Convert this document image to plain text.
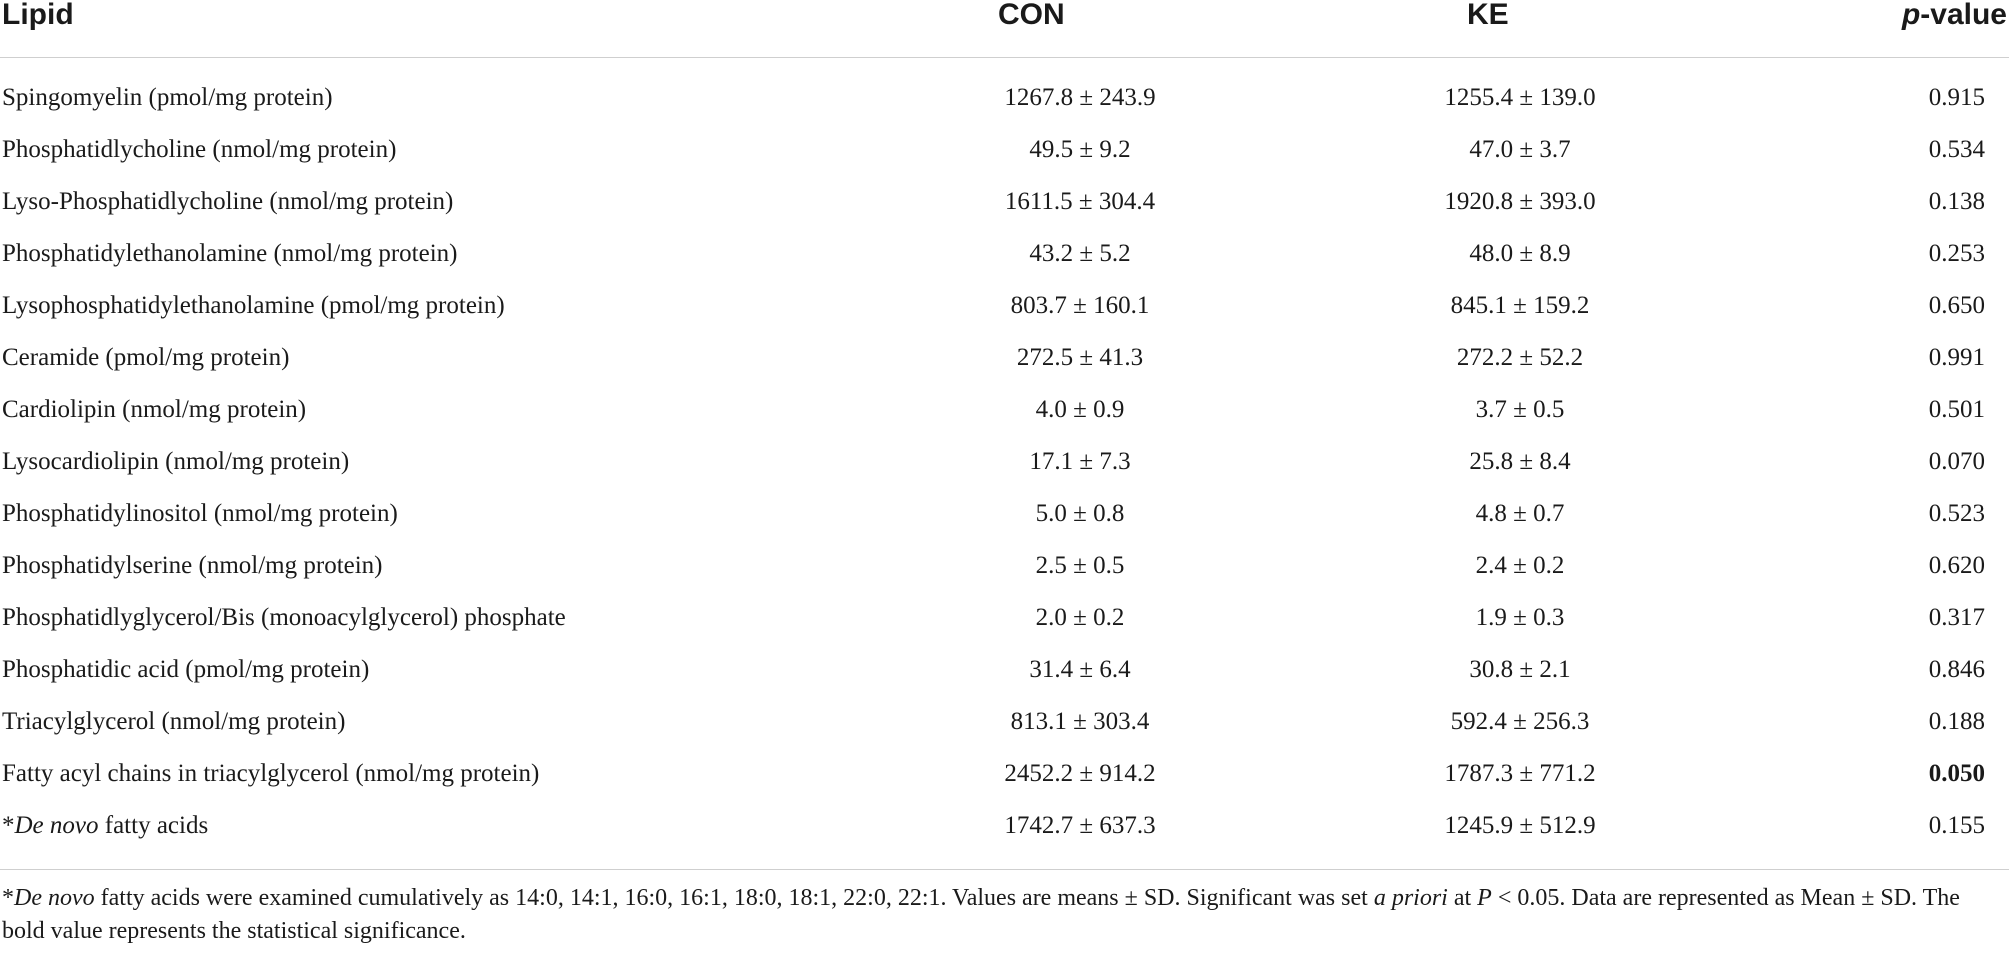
Lipid	CON	KE	p-value

Spingomyelin (pmol/mg protein)	1267.8 ± 243.9	1255.4 ± 139.0	0.915
Phosphatidlycholine (nmol/mg protein)	49.5 ± 9.2	47.0 ± 3.7	0.534
Lyso-Phosphatidlycholine (nmol/mg protein)	1611.5 ± 304.4	1920.8 ± 393.0	0.138
Phosphatidylethanolamine (nmol/mg protein)	43.2 ± 5.2	48.0 ± 8.9	0.253
Lysophosphatidylethanolamine (pmol/mg protein)	803.7 ± 160.1	845.1 ± 159.2	0.650
Ceramide (pmol/mg protein)	272.5 ± 41.3	272.2 ± 52.2	0.991
Cardiolipin (nmol/mg protein)	4.0 ± 0.9	3.7 ± 0.5	0.501
Lysocardiolipin (nmol/mg protein)	17.1 ± 7.3	25.8 ± 8.4	0.070
Phosphatidylinositol (nmol/mg protein)	5.0 ± 0.8	4.8 ± 0.7	0.523
Phosphatidylserine (nmol/mg protein)	2.5 ± 0.5	2.4 ± 0.2	0.620
Phosphatidlyglycerol/Bis (monoacylglycerol) phosphate	2.0 ± 0.2	1.9 ± 0.3	0.317
Phosphatidic acid (pmol/mg protein)	31.4 ± 6.4	30.8 ± 2.1	0.846
Triacylglycerol (nmol/mg protein)	813.1 ± 303.4	592.4 ± 256.3	0.188
Fatty acyl chains in triacylglycerol (nmol/mg protein)	2452.2 ± 914.2	1787.3 ± 771.2	0.050
*De novo fatty acids	1742.7 ± 637.3	1245.9 ± 512.9	0.155
*De novo fatty acids were examined cumulatively as 14:0, 14:1, 16:0, 16:1, 18:0, 18:1, 22:0, 22:1. Values are means ± SD. Significant was set a priori at P < 0.05. Data are represented as Mean ± SD. The bold value represents the statistical significance.
